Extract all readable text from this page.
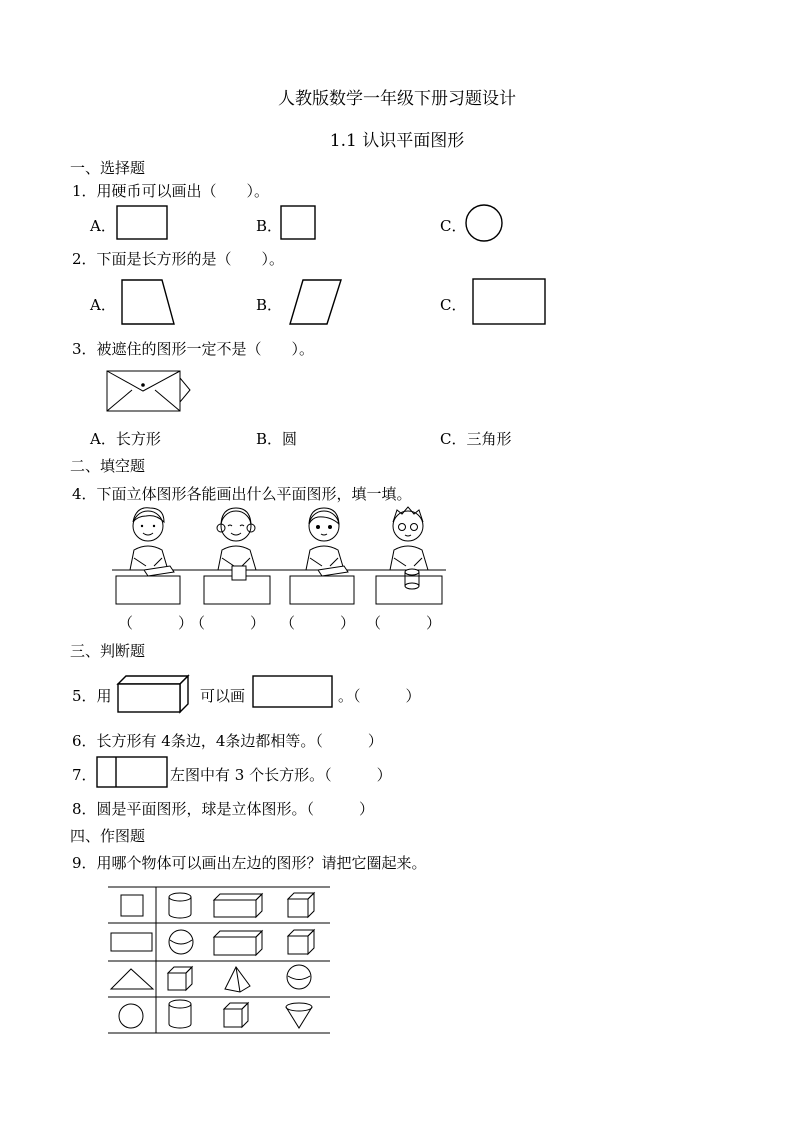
人教版数学一年级下册习题设计
1.1 认识平面图形
一、选择题
1．用硬币可以画出（　　）。
A．	B．	C．
2．下面是长方形的是（　　）。
A．	B．	C．
3．被遮住的图形一定不是（　　）。
A．长方形	B．圆	C．三角形
二、填空题
4．下面立体图形各能画出什么平面图形，填一填。
（　　　）
（　　　） （　　　） （　　　）
三、判断题
5．用	可以画	。（　　　）
6．长方形有 4条边，4条边都相等。（　　　）
7．	左图中有 3 个长方形。（　　　）
8．圆是平面图形，球是立体图形。（　　　）
四、作图题
9．用哪个物体可以画出左边的图形？请把它圈起来。
